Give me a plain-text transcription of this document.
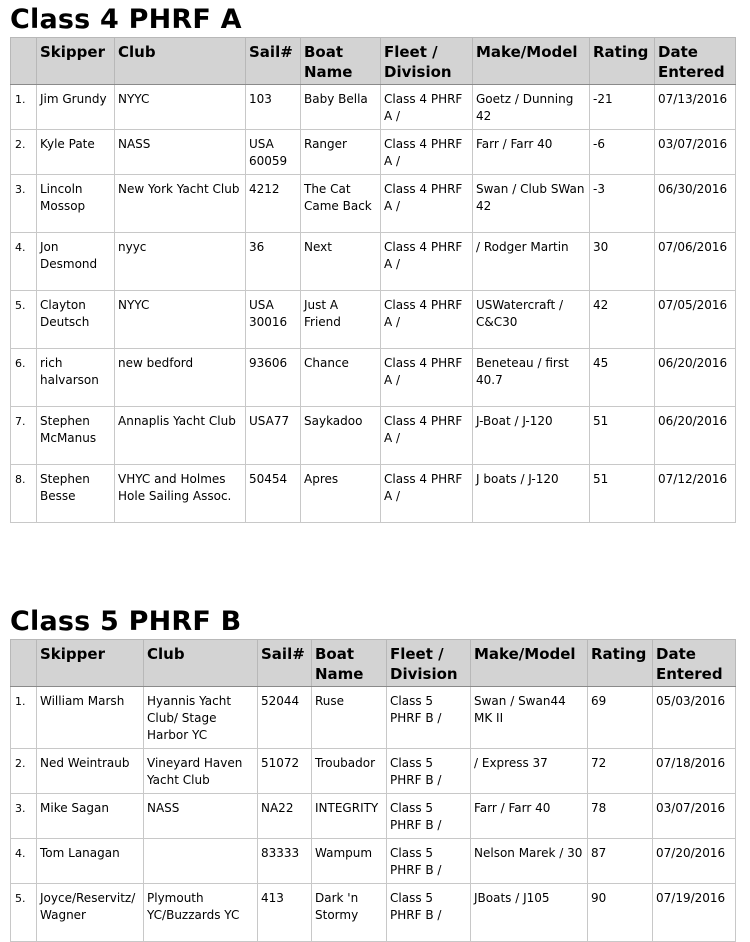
Class 4 PHRF A
	Skipper	Club	Sail#	Boat Name	Fleet / Division	Make/Model	Rating	Date Entered
1.	Jim Grundy	NYYC	103	Baby Bella	Class 4 PHRF A /	Goetz / Dunning 42	-21	07/13/2016
2.	Kyle Pate	NASS	USA 60059	Ranger	Class 4 PHRF A /	Farr / Farr 40	-6	03/07/2016
3.	Lincoln Mossop	New York Yacht Club	4212	The Cat Came Back	Class 4 PHRF A /	Swan / Club SWan 42	-3	06/30/2016
4.	Jon Desmond	nyyc	36	Next	Class 4 PHRF A /	/ Rodger Martin	30	07/06/2016
5.	Clayton Deutsch	NYYC	USA 30016	Just A Friend	Class 4 PHRF A /	USWatercraft / C&C30	42	07/05/2016
6.	rich halvarson	new bedford	93606	Chance	Class 4 PHRF A /	Beneteau / first 40.7	45	06/20/2016
7.	Stephen McManus	Annaplis Yacht Club	USA77	Saykadoo	Class 4 PHRF A /	J-Boat / J-120	51	06/20/2016
8.	Stephen Besse	VHYC and Holmes Hole Sailing Assoc.	50454	Apres	Class 4 PHRF A /	J boats / J-120	51	07/12/2016
Class 5 PHRF B
	Skipper	Club	Sail#	Boat Name	Fleet / Division	Make/Model	Rating	Date Entered
1.	William Marsh	Hyannis Yacht Club/ Stage Harbor YC	52044	Ruse	Class 5 PHRF B /	Swan / Swan44 MK II	69	05/03/2016
2.	Ned Weintraub	Vineyard Haven Yacht Club	51072	Troubador	Class 5 PHRF B /	/ Express 37	72	07/18/2016
3.	Mike Sagan	NASS	NA22	INTEGRITY	Class 5 PHRF B /	Farr / Farr 40	78	03/07/2016
4.	Tom Lanagan		83333	Wampum	Class 5 PHRF B /	Nelson Marek / 30	87	07/20/2016
5.	Joyce/Reservitz/ Wagner	Plymouth YC/Buzzards YC	413	Dark 'n Stormy	Class 5 PHRF B /	JBoats / J105	90	07/19/2016
